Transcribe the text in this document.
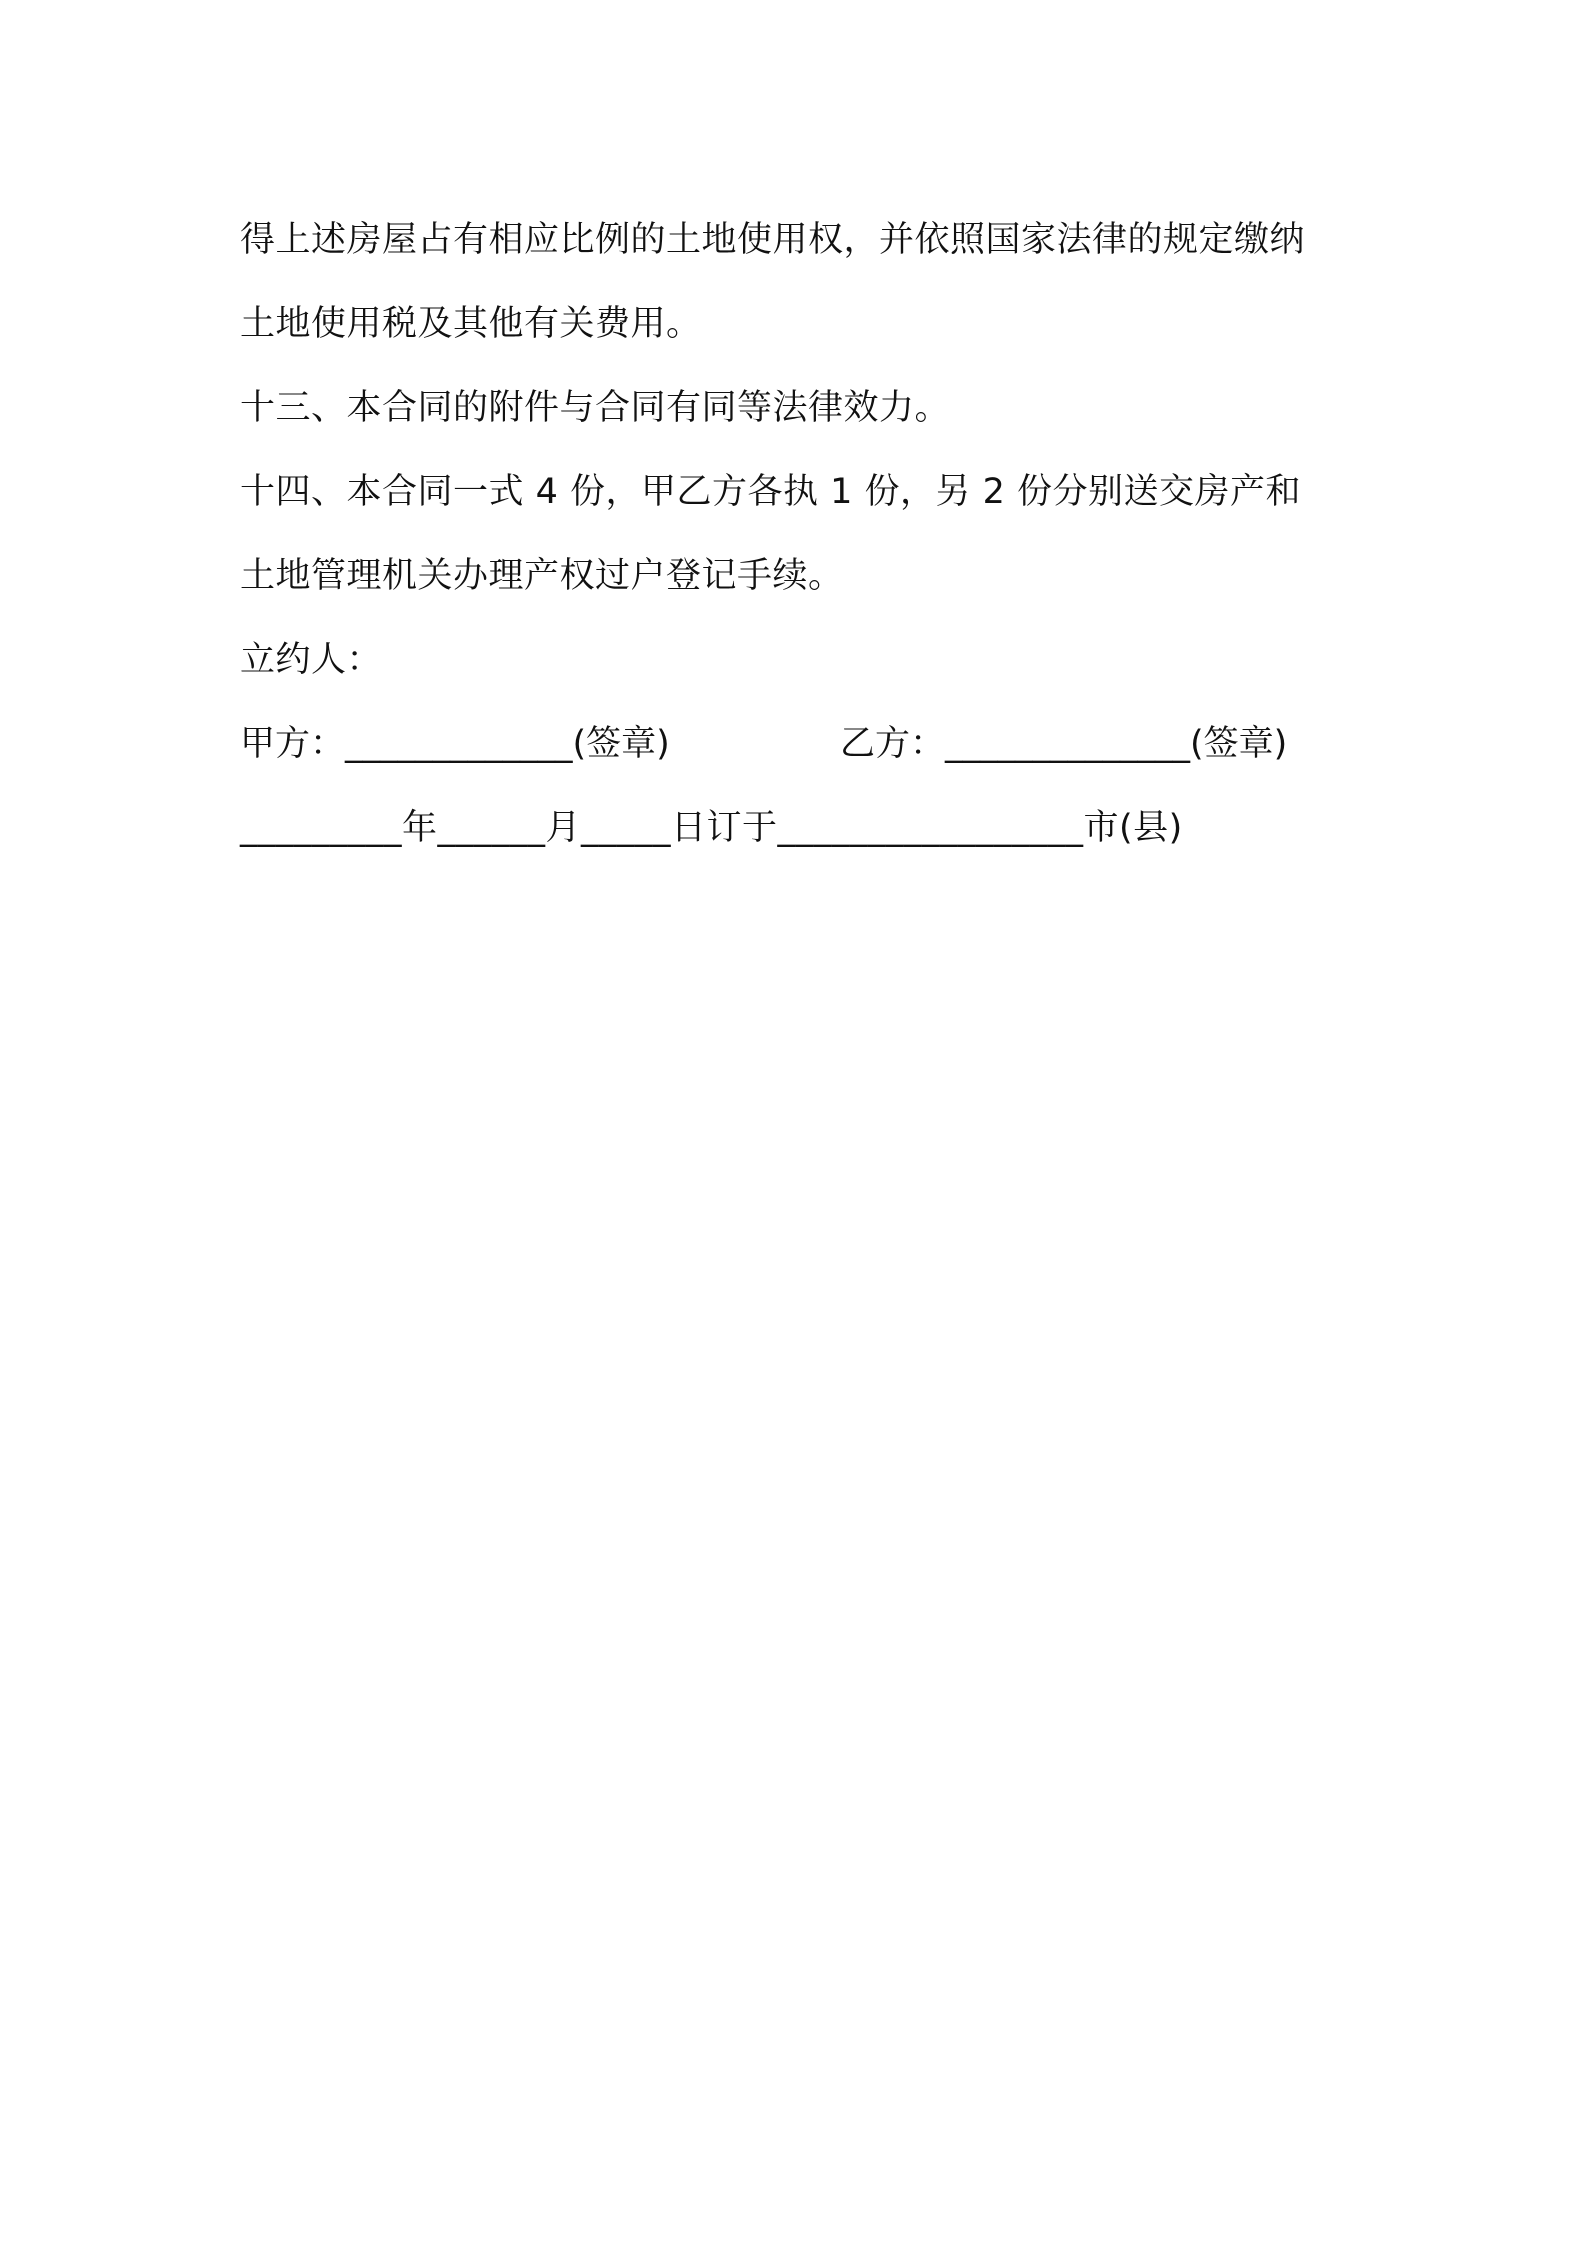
得上述房屋占有相应比例的土地使用权，并依照国家法律的规定缴纳
土地使用税及其他有关费用。
十三、本合同的附件与合同有同等法律效力。
十四、本合同一式 4 份，甲乙方各执 1 份，另 2 份分别送交房产和
土地管理机关办理产权过户登记手续。
立约人：
甲方：_____________(签章)	乙方：______________(签章)
_________年______月_____日订于_________________市(县)
